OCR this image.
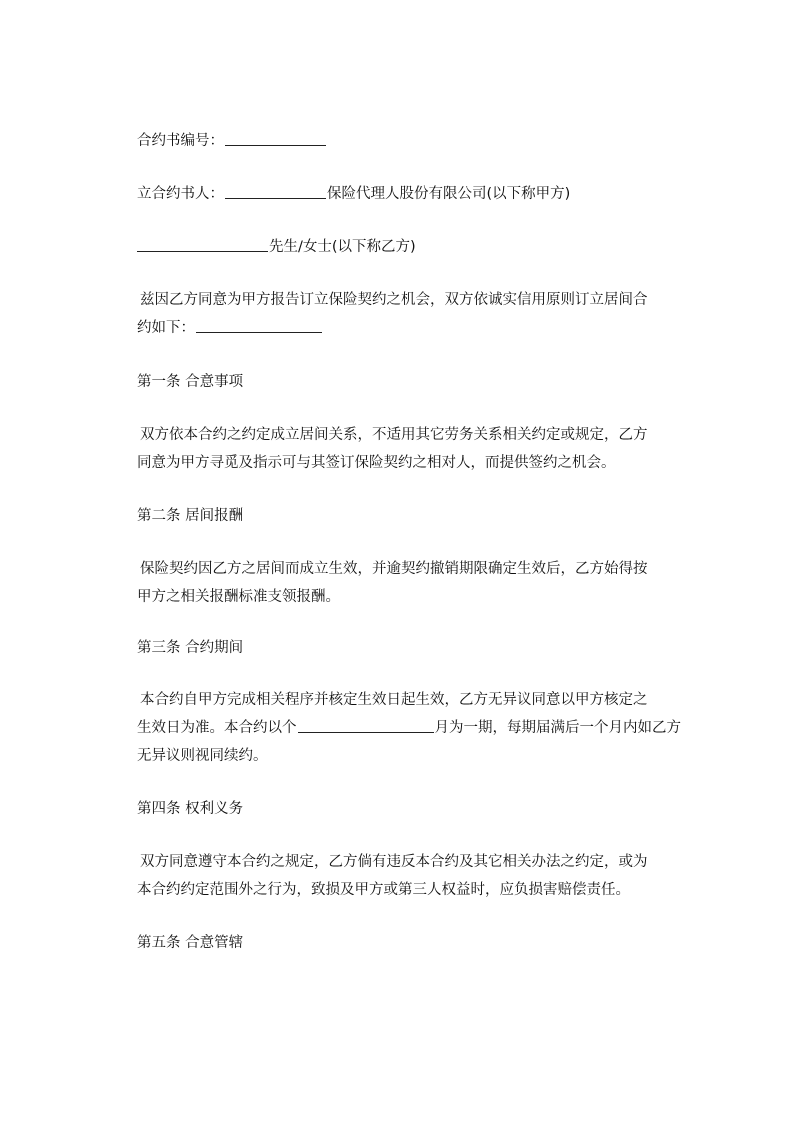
合约书编号：
立合约书人：	保险代理人股份有限公司(以下称甲方)
先生/女士(以下称乙方)
兹因乙方同意为甲方报告订立保险契约之机会，双方依诚实信用原则订立居间合
约如下：
第一条 合意事项
双方依本合约之约定成立居间关系，不适用其它劳务关系相关约定或规定，乙方
同意为甲方寻觅及指示可与其签订保险契约之相对人，而提供签约之机会。
第二条 居间报酬
保险契约因乙方之居间而成立生效，并逾契约撤销期限确定生效后，乙方始得按
甲方之相关报酬标准支领报酬。
第三条 合约期间
本合约自甲方完成相关程序并核定生效日起生效，乙方无异议同意以甲方核定之
生效日为准。本合约以个	月为一期，每期届满后一个月内如乙方
无异议则视同续约。
第四条 权利义务
双方同意遵守本合约之规定，乙方倘有违反本合约及其它相关办法之约定，或为
本合约约定范围外之行为，致损及甲方或第三人权益时，应负损害赔偿责任。
第五条 合意管辖
